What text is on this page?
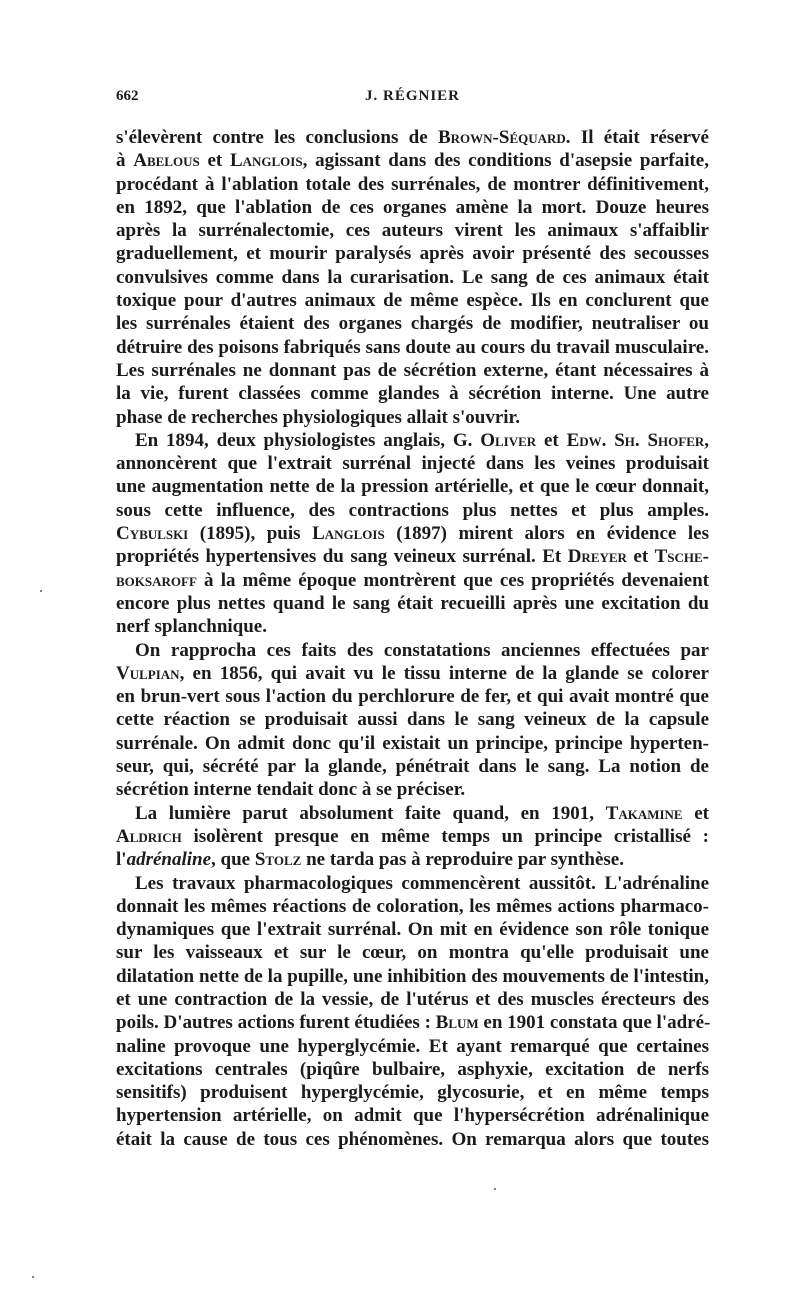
662	J. RÉGNIER
s'élevèrent contre les conclusions de Brown-Séquard. Il était réservé
à Abelous et Langlois, agissant dans des conditions d'asepsie parfaite,
procédant à l'ablation totale des surrénales, de montrer définitivement,
en 1892, que l'ablation de ces organes amène la mort. Douze heures
après la surrénalectomie, ces auteurs virent les animaux s'affaiblir
graduellement, et mourir paralysés après avoir présenté des secousses
convulsives comme dans la curarisation. Le sang de ces animaux était
toxique pour d'autres animaux de même espèce. Ils en conclurent que
les surrénales étaient des organes chargés de modifier, neutraliser ou
détruire des poisons fabriqués sans doute au cours du travail musculaire.
Les surrénales ne donnant pas de sécrétion externe, étant nécessaires à
la vie, furent classées comme glandes à sécrétion interne. Une autre
phase de recherches physiologiques allait s'ouvrir.
En 1894, deux physiologistes anglais, G. Oliver et Edw. Sh. Shofer,
annoncèrent que l'extrait surrénal injecté dans les veines produisait
une augmentation nette de la pression artérielle, et que le cœur donnait,
sous cette influence, des contractions plus nettes et plus amples.
Cybulski (1895), puis Langlois (1897) mirent alors en évidence les
propriétés hypertensives du sang veineux surrénal. Et Dreyer et Tsche-
boksaroff à la même époque montrèrent que ces propriétés devenaient
encore plus nettes quand le sang était recueilli après une excitation du
nerf splanchnique.
On rapprocha ces faits des constatations anciennes effectuées par
Vulpian, en 1856, qui avait vu le tissu interne de la glande se colorer
en brun-vert sous l'action du perchlorure de fer, et qui avait montré que
cette réaction se produisait aussi dans le sang veineux de la capsule
surrénale. On admit donc qu'il existait un principe, principe hyperten-
seur, qui, sécrété par la glande, pénétrait dans le sang. La notion de
sécrétion interne tendait donc à se préciser.
La lumière parut absolument faite quand, en 1901, Takamine et
Aldrich isolèrent presque en même temps un principe cristallisé :
l'adrénaline, que Stolz ne tarda pas à reproduire par synthèse.
Les travaux pharmacologiques commencèrent aussitôt. L'adrénaline
donnait les mêmes réactions de coloration, les mêmes actions pharmaco-
dynamiques que l'extrait surrénal. On mit en évidence son rôle tonique
sur les vaisseaux et sur le cœur, on montra qu'elle produisait une
dilatation nette de la pupille, une inhibition des mouvements de l'intestin,
et une contraction de la vessie, de l'utérus et des muscles érecteurs des
poils. D'autres actions furent étudiées : Blum en 1901 constata que l'adré-
naline provoque une hyperglycémie. Et ayant remarqué que certaines
excitations centrales (piqûre bulbaire, asphyxie, excitation de nerfs
sensitifs) produisent hyperglycémie, glycosurie, et en même temps
hypertension artérielle, on admit que l'hypersécrétion adrénalinique
était la cause de tous ces phénomènes. On remarqua alors que toutes
